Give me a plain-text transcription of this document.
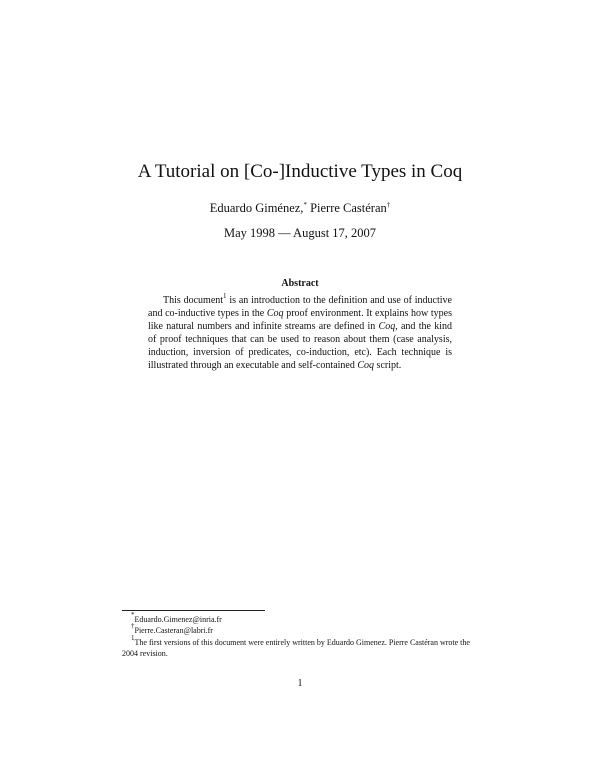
A Tutorial on [Co-]Inductive Types in Coq
Eduardo Giménez,* Pierre Castéran†
May 1998 — August 17, 2007
Abstract
This document$^1$ is an introduction to the definition and use of inductive and co-inductive types in the Coq proof environment. It explains how types like natural numbers and infinite streams are defined in Coq, and the kind of proof techniques that can be used to reason about them (case analysis, induction, inversion of predicates, co-induction, etc). Each technique is illustrated through an executable and self-contained Coq script.

*Eduardo.Gimenez@inria.fr

†Pierre.Casteran@labri.fr

$^1$The first versions of this document were entirely written by Eduardo Gimenez. Pierre Castéran wrote the 2004 revision.

1
